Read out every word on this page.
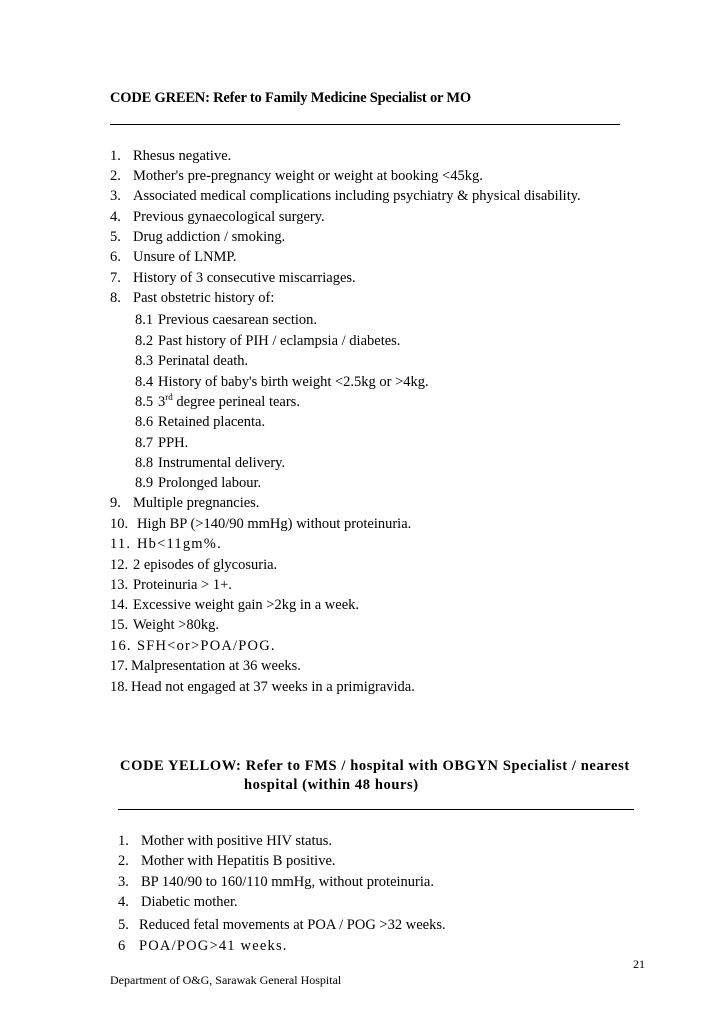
CODE GREEN: Refer to Family Medicine Specialist or MO
1. Rhesus negative.
2. Mother's pre-pregnancy weight or weight at booking <45kg.
3. Associated medical complications including psychiatry & physical disability.
4. Previous gynaecological surgery.
5. Drug addiction / smoking.
6. Unsure of LNMP.
7. History of 3 consecutive miscarriages.
8. Past obstetric history of:
8.1 Previous caesarean section.
8.2 Past history of PIH / eclampsia / diabetes.
8.3 Perinatal death.
8.4 History of baby's birth weight <2.5kg or >4kg.
8.5 3rd degree perineal tears.
8.6 Retained placenta.
8.7 PPH.
8.8 Instrumental delivery.
8.9 Prolonged labour.
9. Multiple pregnancies.
10. High BP (>140/90 mmHg) without proteinuria.
11. Hb<11gm%.
12. 2 episodes of glycosuria.
13. Proteinuria > 1+.
14. Excessive weight gain >2kg in a week.
15. Weight >80kg.
16. SFH<or>POA/POG.
17. Malpresentation at 36 weeks.
18. Head not engaged at 37 weeks in a primigravida.
CODE YELLOW: Refer to FMS / hospital with OBGYN Specialist / nearest
hospital (within 48 hours)
1. Mother with positive HIV status.
2. Mother with Hepatitis B positive.
3. BP 140/90 to 160/110 mmHg, without proteinuria.
4. Diabetic mother.
5. Reduced fetal movements at POA / POG >32 weeks.
6 POA/POG>41 weeks.
21
Department of O&G, Sarawak General Hospital
